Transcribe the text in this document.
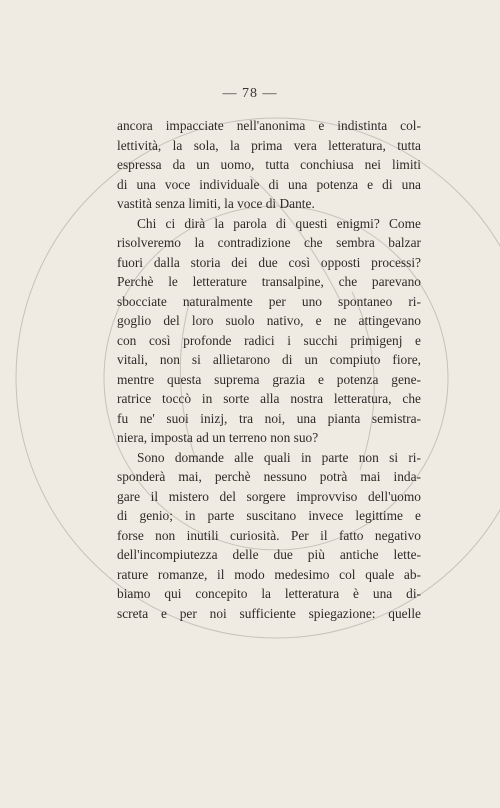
— 78 —
ancora impacciate nell'anonima e indistinta col-
lettività, la sola, la prima vera letteratura, tutta
espressa da un uomo, tutta conchiusa nei limiti
di una voce individuale di una potenza e di una
vastità senza limiti, la voce di Dante.
Chi ci dirà la parola di questi enigmi? Come
risolveremo la contradizione che sembra balzar
fuori dalla storia dei due così opposti processi?
Perchè le letterature transalpine, che parevano
sbocciate naturalmente per uno spontaneo ri-
goglio del loro suolo nativo, e ne attingevano
con così profonde radici i succhi primigenj e
vitali, non si allietarono di un compiuto fiore,
mentre questa suprema grazia e potenza gene-
ratrice toccò in sorte alla nostra letteratura, che
fu ne' suoi inizj, tra noi, una pianta semistra-
niera, imposta ad un terreno non suo?
Sono domande alle quali in parte non si ri-
sponderà mai, perchè nessuno potrà mai inda-
gare il mistero del sorgere improvviso dell'uomo
di genio; in parte suscitano invece legittime e
forse non inutili curiosità. Per il fatto negativo
dell'incompiutezza delle due più antiche lette-
rature romanze, il modo medesimo col quale ab-
biamo qui concepito la letteratura è una di-
screta e per noi sufficiente spiegazione: quelle
